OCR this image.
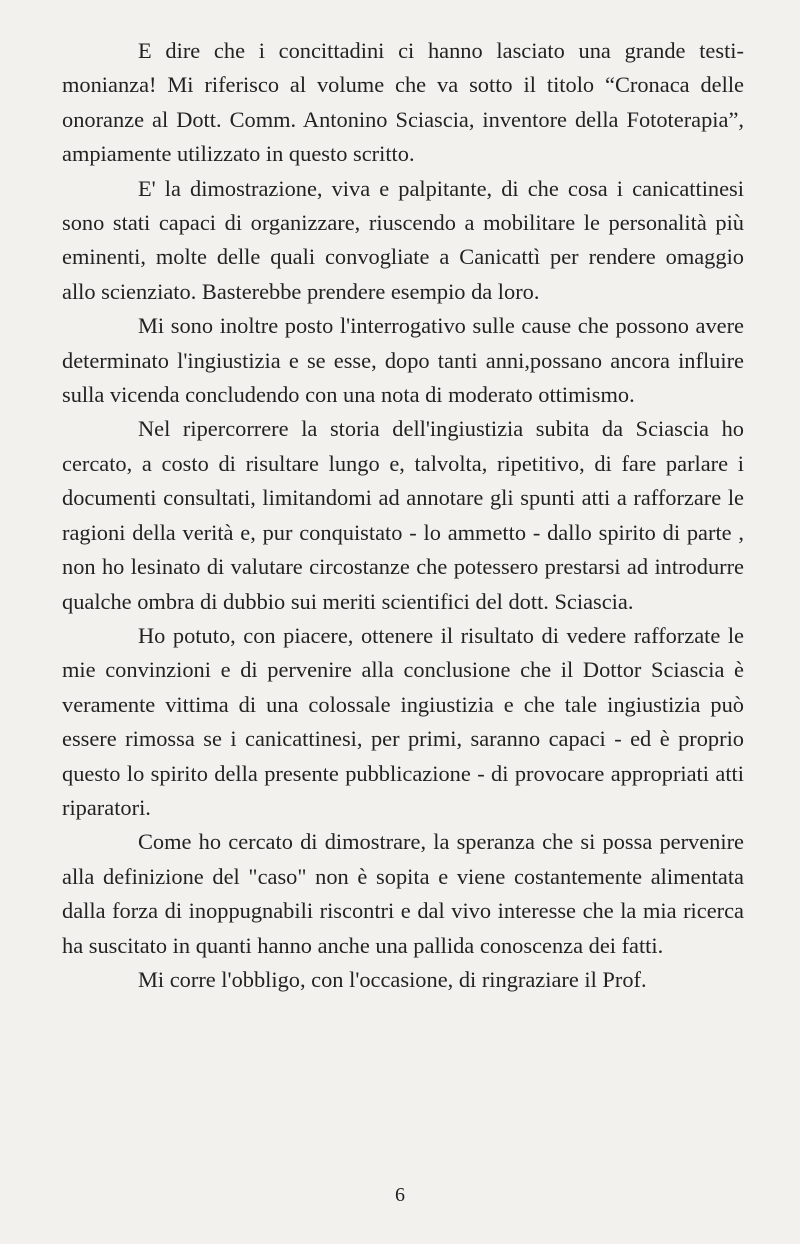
E dire che i concittadini ci hanno lasciato una grande testimonianza! Mi riferisco al volume che va sotto il titolo “Cronaca delle onoranze al Dott. Comm. Antonino Sciascia, inventore della Fototerapia”, ampiamente utilizzato in questo scritto.

E' la dimostrazione, viva e palpitante, di che cosa i canicattinesi sono stati capaci di organizzare, riuscendo a mobilitare le personalità più eminenti, molte delle quali convogliate a Canicattì per rendere omaggio allo scienziato. Basterebbe prendere esempio da loro.

Mi sono inoltre posto l'interrogativo sulle cause che possono avere determinato l'ingiustizia e se esse, dopo tanti anni,possano ancora influire sulla vicenda concludendo con una nota di moderato ottimismo.

Nel ripercorrere la storia dell'ingiustizia subita da Sciascia ho cercato, a costo di risultare lungo e, talvolta, ripetitivo, di fare parlare i documenti consultati, limitandomi ad annotare gli spunti atti a rafforzare le ragioni della verità e, pur conquistato - lo ammetto - dallo spirito di parte , non ho lesinato di valutare circostanze che potessero prestarsi ad introdurre qualche ombra di dubbio sui meriti scientifici del dott. Sciascia.

Ho potuto, con piacere, ottenere il risultato di vedere rafforzate le mie convinzioni e di pervenire alla conclusione che il Dottor Sciascia è veramente vittima di una colossale ingiustizia e che tale ingiustizia può essere rimossa se i canicattinesi, per primi, saranno capaci - ed è proprio questo lo spirito della presente pubblicazione - di provocare appropriati atti riparatori.

Come ho cercato di dimostrare, la speranza che si possa pervenire alla definizione del "caso" non è sopita e viene costantemente alimentata dalla forza di inoppugnabili riscontri e dal vivo interesse che la mia ricerca ha suscitato in quanti hanno anche una pallida conoscenza dei fatti.

Mi corre l'obbligo, con l'occasione, di ringraziare il Prof.

6
